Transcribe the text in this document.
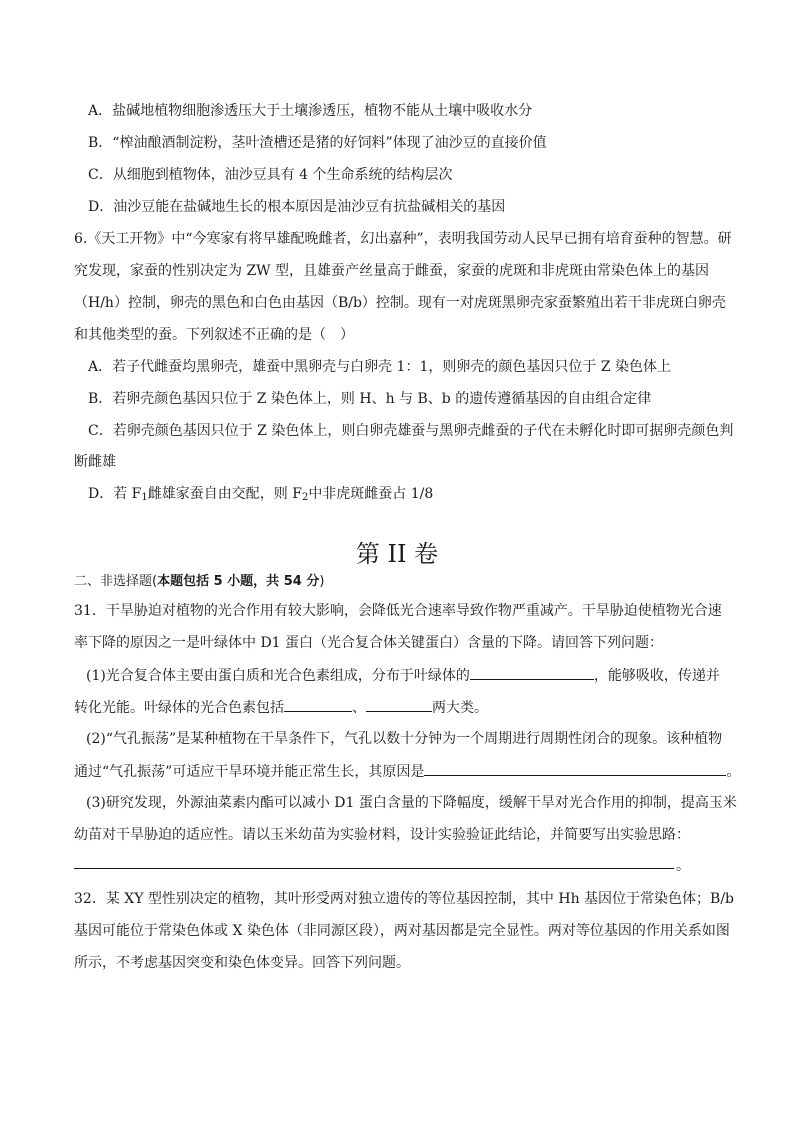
A．盐碱地植物细胞渗透压大于土壤渗透压，植物不能从土壤中吸收水分
B．“榨油酿酒制淀粉，茎叶渣槽还是猪的好饲料”体现了油沙豆的直接价值
C．从细胞到植物体，油沙豆具有 4 个生命系统的结构层次
D．油沙豆能在盐碱地生长的根本原因是油沙豆有抗盐碱相关的基因
6.《天工开物》中“今寒家有将早雄配晚雌者，幻出嘉种”，表明我国劳动人民早已拥有培育蚕种的智慧。研
究发现，家蚕的性别决定为 ZW 型，且雄蚕产丝量高于雌蚕，家蚕的虎斑和非虎斑由常染色体上的基因
（H/h）控制，卵壳的黑色和白色由基因（B/b）控制。现有一对虎斑黑卵壳家蚕繁殖出若干非虎斑白卵壳
和其他类型的蚕。下列叙述不正确的是（　）
A．若子代雌蚕均黑卵壳，雄蚕中黑卵壳与白卵壳 1：1，则卵壳的颜色基因只位于 Z 染色体上
B．若卵壳颜色基因只位于 Z 染色体上，则 H、h 与 B、b 的遗传遵循基因的自由组合定律
C．若卵壳颜色基因只位于 Z 染色体上，则白卵壳雄蚕与黑卵壳雌蚕的子代在未孵化时即可据卵壳颜色判
断雌雄
D．若 $F_1$雌雄家蚕自由交配，则 $F_2$中非虎斑雌蚕占 1/8
第 II 卷
二、非选择题(本题包括 5 小题，共 54 分)
31．干旱胁迫对植物的光合作用有较大影响，会降低光合速率导致作物严重减产。干旱胁迫使植物光合速
率下降的原因之一是叶绿体中 D1 蛋白（光合复合体关键蛋白）含量的下降。请回答下列问题：
(1)光合复合体主要由蛋白质和光合色素组成，分布于叶绿体的	，能够吸收，传递并
转化光能。叶绿体的光合色素包括	、	两大类。
(2)“气孔振荡”是某种植物在干旱条件下，气孔以数十分钟为一个周期进行周期性闭合的现象。该种植物
通过“气孔振荡”可适应干旱环境并能正常生长，其原因是	。
(3)研究发现，外源油菜素内酯可以减小 D1 蛋白含量的下降幅度，缓解干旱对光合作用的抑制，提高玉米
幼苗对干旱胁迫的适应性。请以玉米幼苗为实验材料，设计实验验证此结论，并简要写出实验思路：
。
32．某 XY 型性别决定的植物，其叶形受两对独立遗传的等位基因控制，其中 Hh 基因位于常染色体；B/b
基因可能位于常染色体或 X 染色体（非同源区段），两对基因都是完全显性。两对等位基因的作用关系如图
所示，不考虑基因突变和染色体变异。回答下列问题。
